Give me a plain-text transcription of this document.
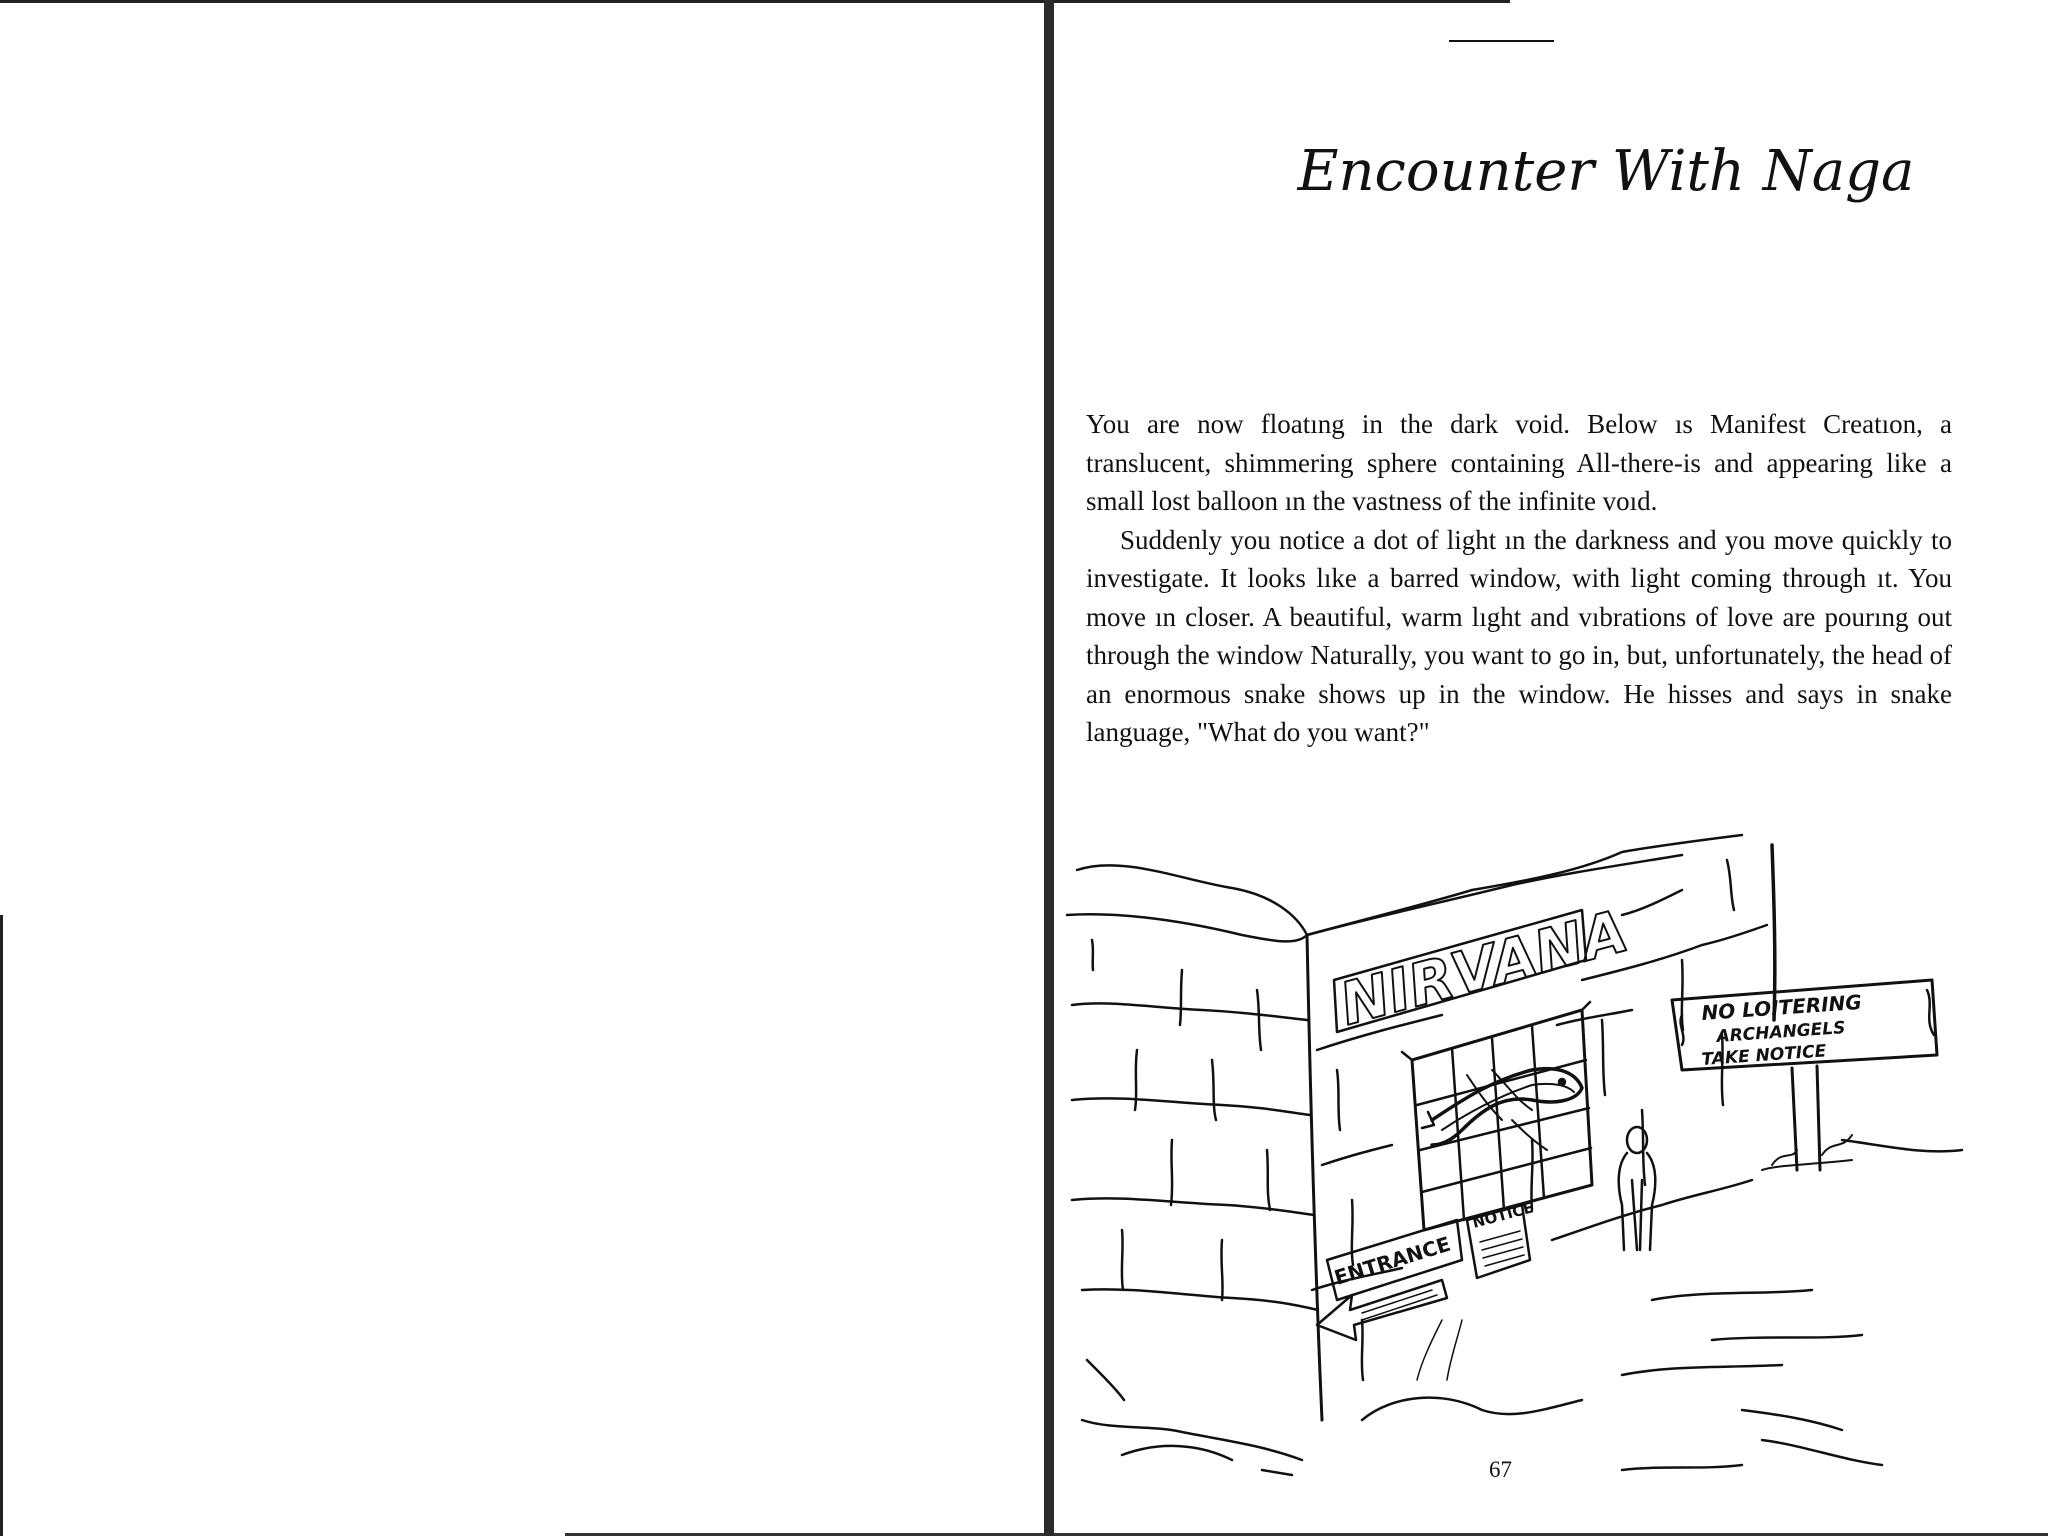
Encounter With Naga

You are now floatıng in the dark void. Below ıs Manifest Creatıon, a translucent, shimmering sphere containing All-there-is and appearing like a small lost balloon ın the vastness of the infinite voıd.

Suddenly you notice a dot of light ın the darkness and you move quickly to investigate. It looks lıke a barred window, with light coming through ıt. You move ın closer. A beautiful, warm lıght and vıbrations of love are pourıng out through the window Naturally, you want to go in, but, unfortunately, the head of an enormous snake shows up in the window. He hisses and says in snake language, "What do you want?"

NIRVANA
ENTRANCE
NOTICE
NO LOITERING
ARCHANGELS
TAKE NOTICE
67
